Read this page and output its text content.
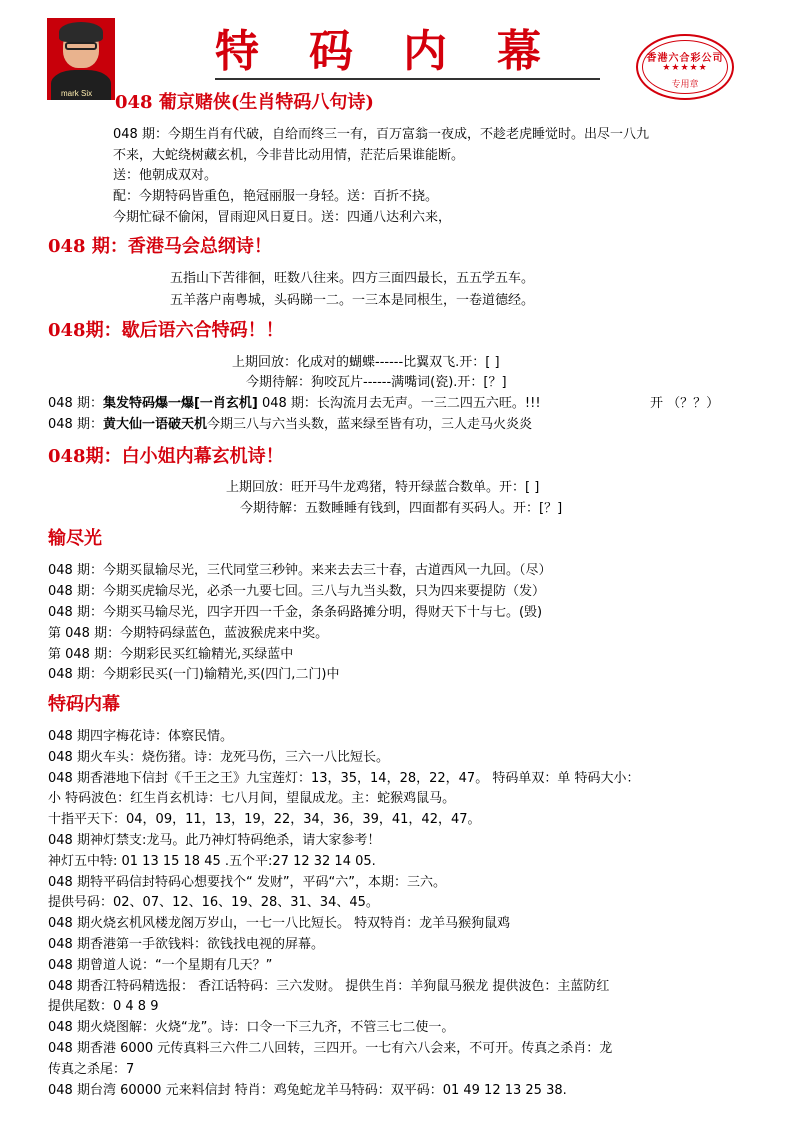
mark Six
特码内幕	香港六合彩公司
★★★★★
专用章
048 葡京赌侠(生肖特码八句诗)
048 期：今期生肖有代破，自给而终三一有，百万富翁一夜成，不趁老虎睡觉时。出尽一八九
不来，大蛇绕树藏玄机，今非昔比动用情，茫茫后果谁能断。
送：他朝成双对。
配：今期特码皆重色，艳冠丽服一身轻。送：百折不挠。
今期忙碌不偷闲，冒雨迎风日夏日。送：四通八达利六来，
048 期：香港马会总纲诗！
五指山下苦徘徊，旺数八往来。四方三面四最长，五五学五车。
五羊落户南粤城，头码睇一二。一三本是同根生，一卷道德经。
048期：歇后语六合特码！！
上期回放：化成对的蝴蝶------比翼双飞.开：[ ]
今期待解：狗咬瓦片------满嘴词(瓷).开：[？]
048 期：集发特码爆一爆[一肖玄机] 048 期：长沟流月去无声。一三二四五六旺。!!!	开 （？？）
048 期：黄大仙一语破天机今期三八与六当头数，蓝来绿至皆有功，三人走马火炎炎
048期：白小姐内幕玄机诗！
上期回放：旺开马牛龙鸡猪，特开绿蓝合数单。开：[ ]
今期待解：五数睡睡有钱到，四面都有买码人。开：[？]
输尽光
048 期：今期买鼠输尽光，三代同堂三秒钟。来来去去三十春，古道西风一九回。（尽）
048 期：今期买虎输尽光，必杀一九要七回。三八与九当头数，只为四来要提防（发）
048 期：今期买马输尽光，四字开四一千金，条条码路摊分明，得财天下十与七。(毁)
第 048 期：今期特码绿蓝色，蓝波猴虎来中奖。
第 048 期：今期彩民买红输精光,买绿蓝中
048 期：今期彩民买(一门)输精光,买(四门,二门)中
特码内幕
048 期四字梅花诗：体察民情。
048 期火车头：烧伤猪。诗：龙死马伤，三六一八比短长。
048 期香港地下信封《千王之王》九宝莲灯：13，35，14，28，22，47。 特码单双：单 特码大小：
小 特码波色：红生肖玄机诗：七八月间，望鼠成龙。主：蛇猴鸡鼠马。
十指平天下：04，09，11，13，19，22，34，36，39，41，42，47。
048 期神灯禁支:龙马。此乃神灯特码绝杀，请大家参考！
神灯五中特: 01 13 15 18 45 .五个平:27 12 32 14 05.
048 期特平码信封特码心想要找个“ 发财”，平码“六”，本期：三六。
提供号码：02、07、12、16、19、28、31、34、45。
048 期火烧玄机风楼龙阁万岁山，一七一八比短长。 特双特肖：龙羊马猴狗鼠鸡
048 期香港第一手欲钱料：欲钱找电视的屏幕。
048 期曾道人说：“一个星期有几天？”
048 期香江特码精选报： 香江话特码：三六发财。 提供生肖：羊狗鼠马猴龙 提供波色：主蓝防红
提供尾数：0 4 8 9
048 期火烧图解：火烧“龙”。诗：口令一下三九齐，不管三七二使一。
048 期香港 6000 元传真料三六件二八回转，三四开。一七有六八会来，不可开。传真之杀肖：龙
传真之杀尾：7
048 期台湾 60000 元来料信封 特肖：鸡兔蛇龙羊马特码：双平码：01 49 12 13 25 38.
